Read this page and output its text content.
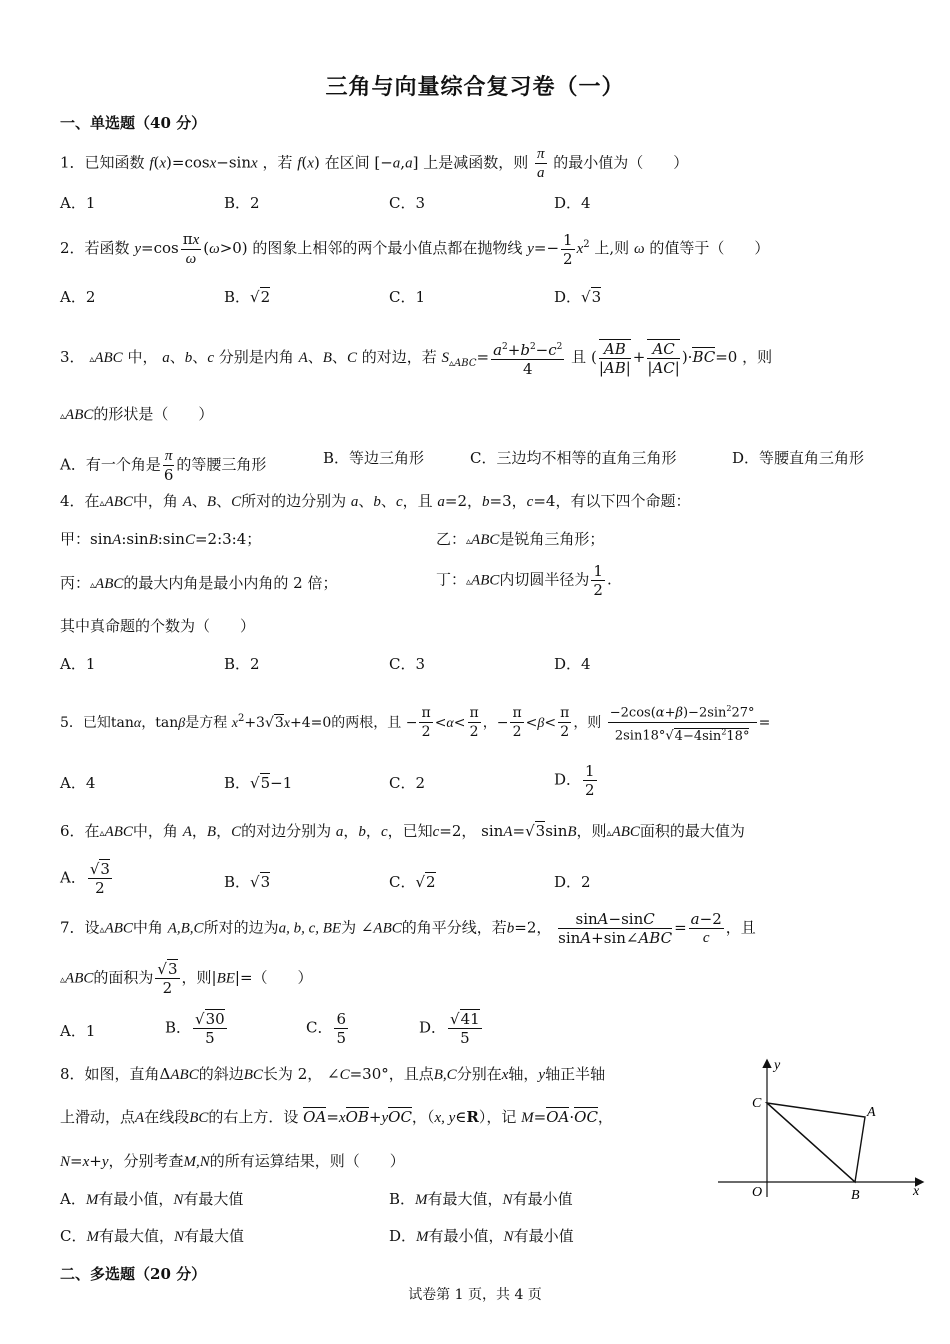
三角与向量综合复习卷（一）
一、单选题（40 分）
1．已知函数 f(x)=cosx−sinx ，若 f(x) 在区间 [−a,a] 上是减函数，则 $\frac{\pi}{a}$ 的最小值为（　　）
A．1	B．2	C．3	D．4
2．若函数 $y=\cos \frac{\pi x}{\omega} (\omega>0)$ 的图象上相邻的两个最小值点都在抛物线 $y=- \frac{1}{2} x^2$ 上,则 ω 的值等于（　　）
A．2	B．√2	C．1	D．√3
3． ▵ABC 中， a、b、c 分别是内角 A、B、C 的对边，若 $S_{▵ABC}= \frac{a^2+b^2-c^2}{4}$ 且 ( $\frac{AB}{|AB|} + \frac{AC}{|AC|} )\cdot BC=0$ ，则
▵ABC的形状是（　　）
A．有一个角是 $\frac{\pi}{6}$ 的等腰三角形	B．等边三角形	C．三边均不相等的直角三角形	D．等腰直角三角形
4．在▵ABC中，角 A、B、C所对的边分别为 a、b、c，且 a=2，b=3，c=4，有以下四个命题：
甲：sinA:sinB:sinC=2:3:4；	乙：▵ABC是锐角三角形；
丙：▵ABC的最大内角是最小内角的 2 倍；	丁：▵ABC内切圆半径为 $\frac{1}{2}$ .
其中真命题的个数为（　　）
A．1	B．2	C．3	D．4
5．已知tanα，tanβ是方程 $x^2+3√3x+4=0$的两根，且 − $\frac{\pi}{2} <\alpha< \frac{\pi}{2}$ ，− $\frac{\pi}{2} <\beta< \frac{\pi}{2}$ ，则 $\frac{-2\cos(\alpha+\beta)-2\sin^227^\circ}{2\sin 18^\circ√4-4\sin^218^\circ}$ =
A．4	B．√5−1	C．2	D． $\frac{1}{2}$
6．在▵ABC中，角 A，B，C的对边分别为 a，b，c，已知c=2， sinA=√3sinB，则▵ABC面积的最大值为
A． $\frac{√3}{2}$	B．√3	C．√2	D．2
7．设▵ABC中角 A,B,C所对的边为a, b, c, BE为 ∠ABC的角平分线，若b=2，	sinA−sinC
sinA+sin∠ABC
= $\frac{a-2}{c}$ ，且
▵ABC的面积为 $\frac{√3}{2}$ ，则|BE|=（　　）
A．1	B． $\frac{√30}{5}$	C． $\frac{6}{5}$	D． $\frac{√41}{5}$
8．如图，直角ΔABC的斜边BC长为 2， ∠C=30°，且点B,C分别在x轴，y轴正半轴
上滑动，点A在线段BC的右上方．设 OA=xOB+yOC，（x, y∈R），记 M=OA·OC，
N=x+y，分别考查M,N的所有运算结果，则（　　）
A．M有最小值，N有最大值	B．M有最大值，N有最小值
C．M有最大值，N有最大值	D．M有最小值，N有最小值
y
x
C
A
O	B
二、多选题（20 分）
试卷第 1 页，共 4 页
